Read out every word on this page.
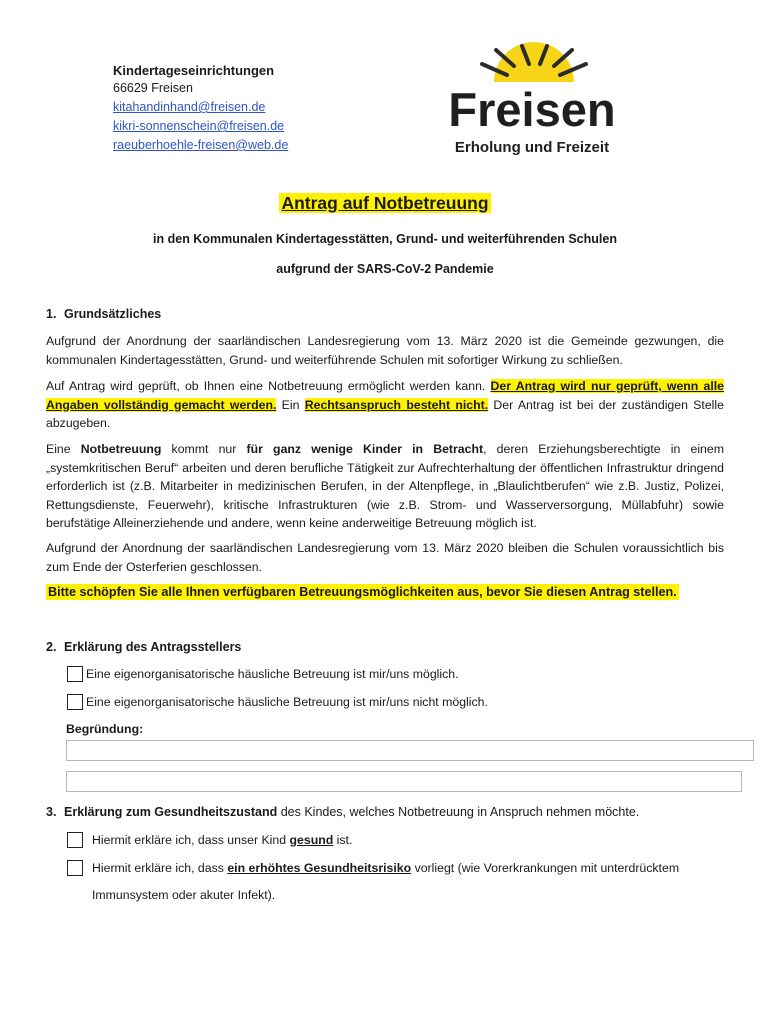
Kindertageseinrichtungen
66629 Freisen
kitahandinhand@freisen.de
kikri-sonnenschein@freisen.de
raeuberhoehle-freisen@web.de
Freisen
Erholung und Freizeit
Antrag auf Notbetreuung
in den Kommunalen Kindertagesstätten, Grund- und weiterführenden Schulen
aufgrund der SARS-CoV-2 Pandemie
1. Grundsätzliches
Aufgrund der Anordnung der saarländischen Landesregierung vom 13. März 2020 ist die Gemeinde gezwungen, die kommunalen Kindertagesstätten, Grund- und weiterführende Schulen mit sofortiger Wirkung zu schließen.
Auf Antrag wird geprüft, ob Ihnen eine Notbetreuung ermöglicht werden kann. Der Antrag wird nur geprüft, wenn alle Angaben vollständig gemacht werden. Ein Rechtsanspruch besteht nicht. Der Antrag ist bei der zuständigen Stelle abzugeben.
Eine Notbetreuung kommt nur für ganz wenige Kinder in Betracht, deren Erziehungsberechtigte in einem „systemkritischen Beruf“ arbeiten und deren berufliche Tätigkeit zur Aufrechterhaltung der öffentlichen Infrastruktur dringend erforderlich ist (z.B. Mitarbeiter in medizinischen Berufen, in der Altenpflege, in „Blaulichtberufen“ wie z.B. Justiz, Polizei, Rettungsdienste, Feuerwehr), kritische Infrastrukturen (wie z.B. Strom- und Wasserversorgung, Müllabfuhr) sowie berufstätige Alleinerziehende und andere, wenn keine anderweitige Betreuung möglich ist.
Aufgrund der Anordnung der saarländischen Landesregierung vom 13. März 2020 bleiben die Schulen voraussichtlich bis zum Ende der Osterferien geschlossen.
Bitte schöpfen Sie alle Ihnen verfügbaren Betreuungsmöglichkeiten aus, bevor Sie diesen Antrag stellen.
2. Erklärung des Antragsstellers
Eine eigenorganisatorische häusliche Betreuung ist mir/uns möglich.
Eine eigenorganisatorische häusliche Betreuung ist mir/uns nicht möglich.
Begründung:
3. Erklärung zum Gesundheitszustand des Kindes, welches Notbetreuung in Anspruch nehmen möchte.
Hiermit erkläre ich, dass unser Kind gesund ist.
Hiermit erkläre ich, dass ein erhöhtes Gesundheitsrisiko vorliegt (wie Vorerkrankungen mit unterdrücktem
Immunsystem oder akuter Infekt).
